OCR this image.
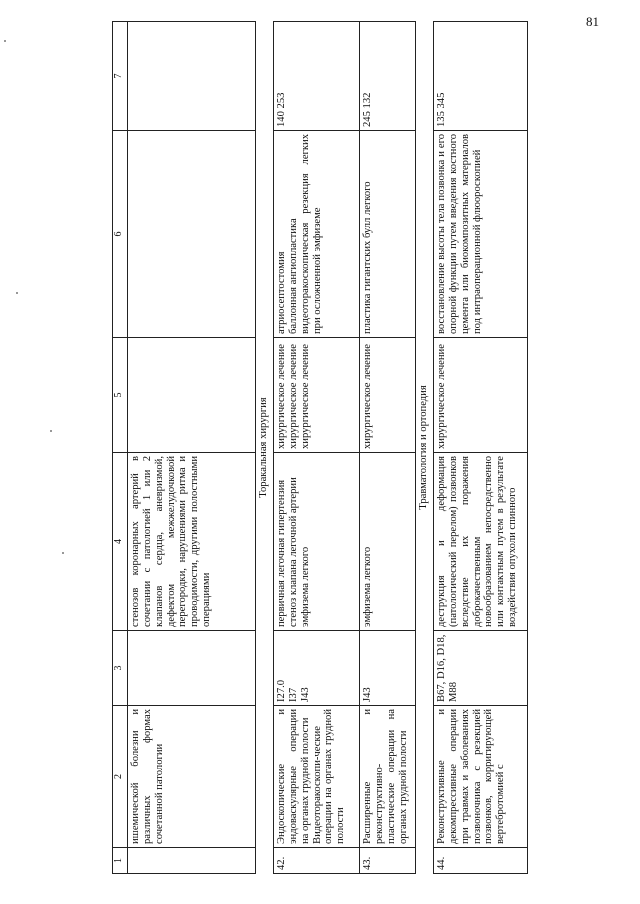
81
1	2	3	4	5	6	7
	ишемической болезни и различных формах сочетанной патологии		стенозов коронарных артерий в сочетании с патологией 1 или 2 клапанов сердца, аневризмой, дефектом межжелудочковой перегородки, нарушениями ритма и проводимости, другими полостными операциями			
Торакальная хирургия						
42.	Эндоскопические и эндоваскулярные операции на органах грудной полости Видеоторакоскопи-ческие операции на органах грудной полости	I27.0 I37 J43	первичная легочная гипертензия стеноз клапана легочной артерии эмфизема легкого	хирургическое лечение хирургическое лечение хирургическое лечение	атриосептостомия баллонная ангиопластика видеоторакоскопическая резекция легких при осложненной эмфиземе	140 253
43.	Расширенные и реконструктивно-пластические операции на органах грудной полости	J43	эмфизема легкого	хирургическое лечение	пластика гигантских булл легкого	245 132
Травматология и ортопедия						
44.	Реконструктивные и декомпрессивные операции при травмах и заболеваниях позвоночника с резекцией позвонков, корригирующей вертебротомией с	B67, D16, D18, M88	деструкция и деформация (патологический перелом) позвонков вследствие их поражения доброкачественным новообразованием непосредственно или контактным путем в результате воздействия опухоли спинного	хирургическое лечение	восстановление высоты тела позвонка и его опорной функции путем введения костного цемента или биокомпозитных материалов под интраоперационной флюороскопией	135 345
